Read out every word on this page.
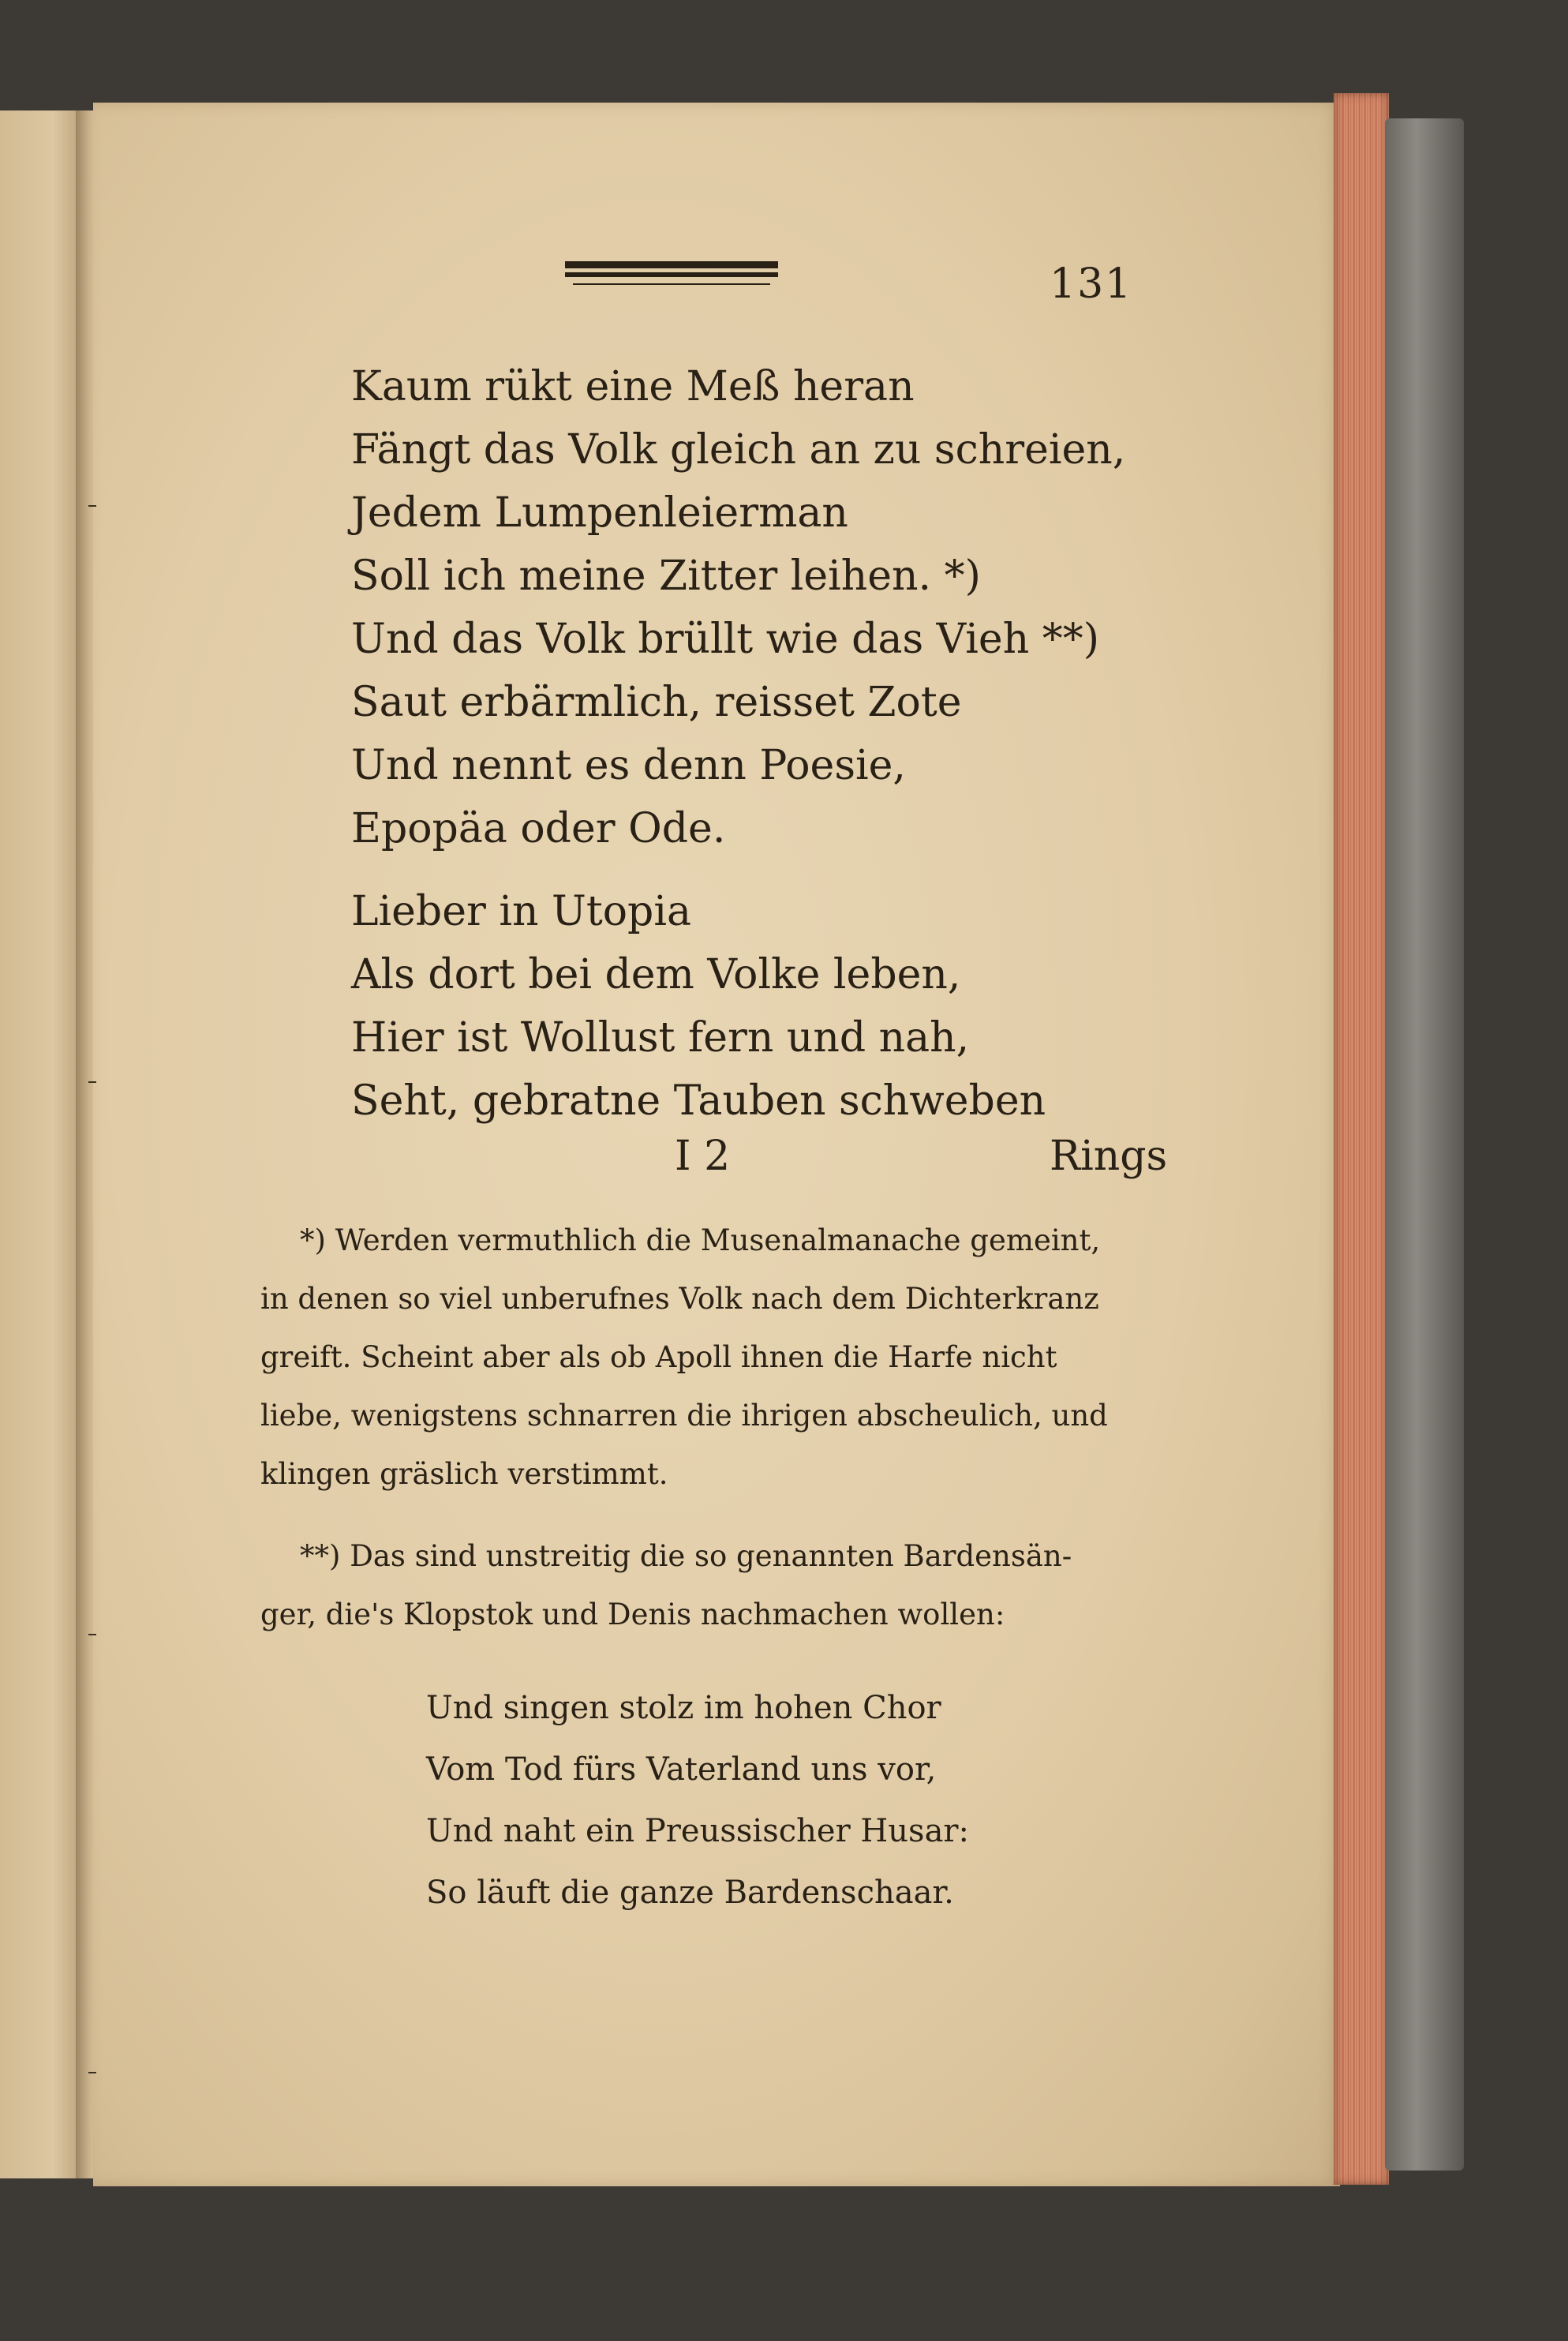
131
Kaum rükt eine Meß heran
Fängt das Volk gleich an zu schreien,
Jedem Lumpenleierman
Soll ich meine Zitter leihen. *)
Und das Volk brüllt wie das Vieh **)
Saut erbärmlich, reisset Zote
Und nennt es denn Poesie,
Epopäa oder Ode.
Lieber in Utopia
Als dort bei dem Volke leben,
Hier ist Wollust fern und nah,
Seht, gebratne Tauben schweben
I 2	Rings
*) Werden vermuthlich die Musenalmanache gemeint,
in denen so viel unberufnes Volk nach dem Dichterkranz
greift. Scheint aber als ob Apoll ihnen die Harfe nicht
liebe, wenigstens schnarren die ihrigen abscheulich, und
klingen gräslich verstimmt.
**) Das sind unstreitig die so genannten Bardensän-
ger, die's Klopstok und Denis nachmachen wollen:
Und singen stolz im hohen Chor
Vom Tod fürs Vaterland uns vor,
Und naht ein Preussischer Husar:
So läuft die ganze Bardenschaar.
